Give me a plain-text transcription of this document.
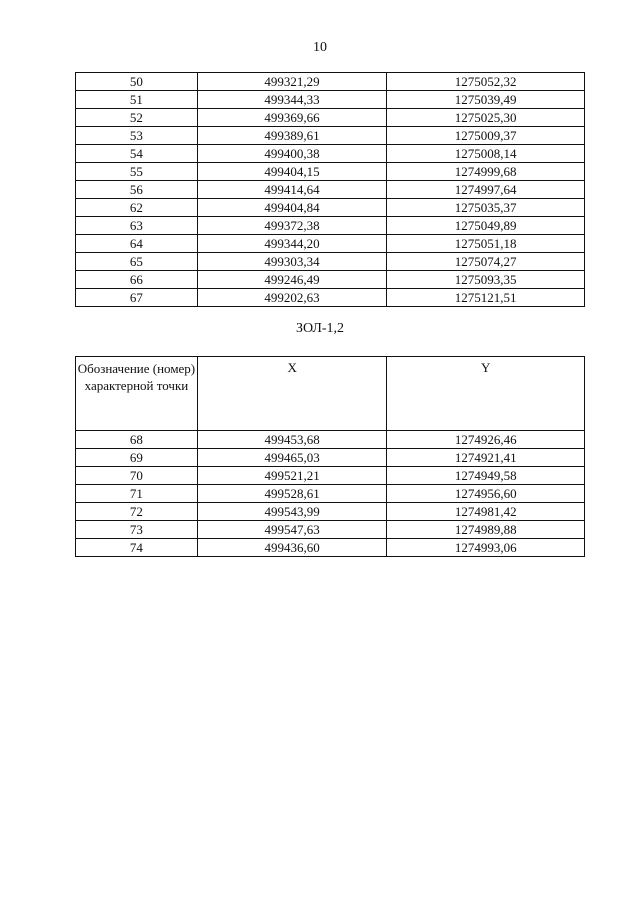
10
50	499321,29	1275052,32
51	499344,33	1275039,49
52	499369,66	1275025,30
53	499389,61	1275009,37
54	499400,38	1275008,14
55	499404,15	1274999,68
56	499414,64	1274997,64
62	499404,84	1275035,37
63	499372,38	1275049,89
64	499344,20	1275051,18
65	499303,34	1275074,27
66	499246,49	1275093,35
67	499202,63	1275121,51
ЗОЛ-1,2
Обозначение (номер) характерной точки	X	Y
68	499453,68	1274926,46
69	499465,03	1274921,41
70	499521,21	1274949,58
71	499528,61	1274956,60
72	499543,99	1274981,42
73	499547,63	1274989,88
74	499436,60	1274993,06
